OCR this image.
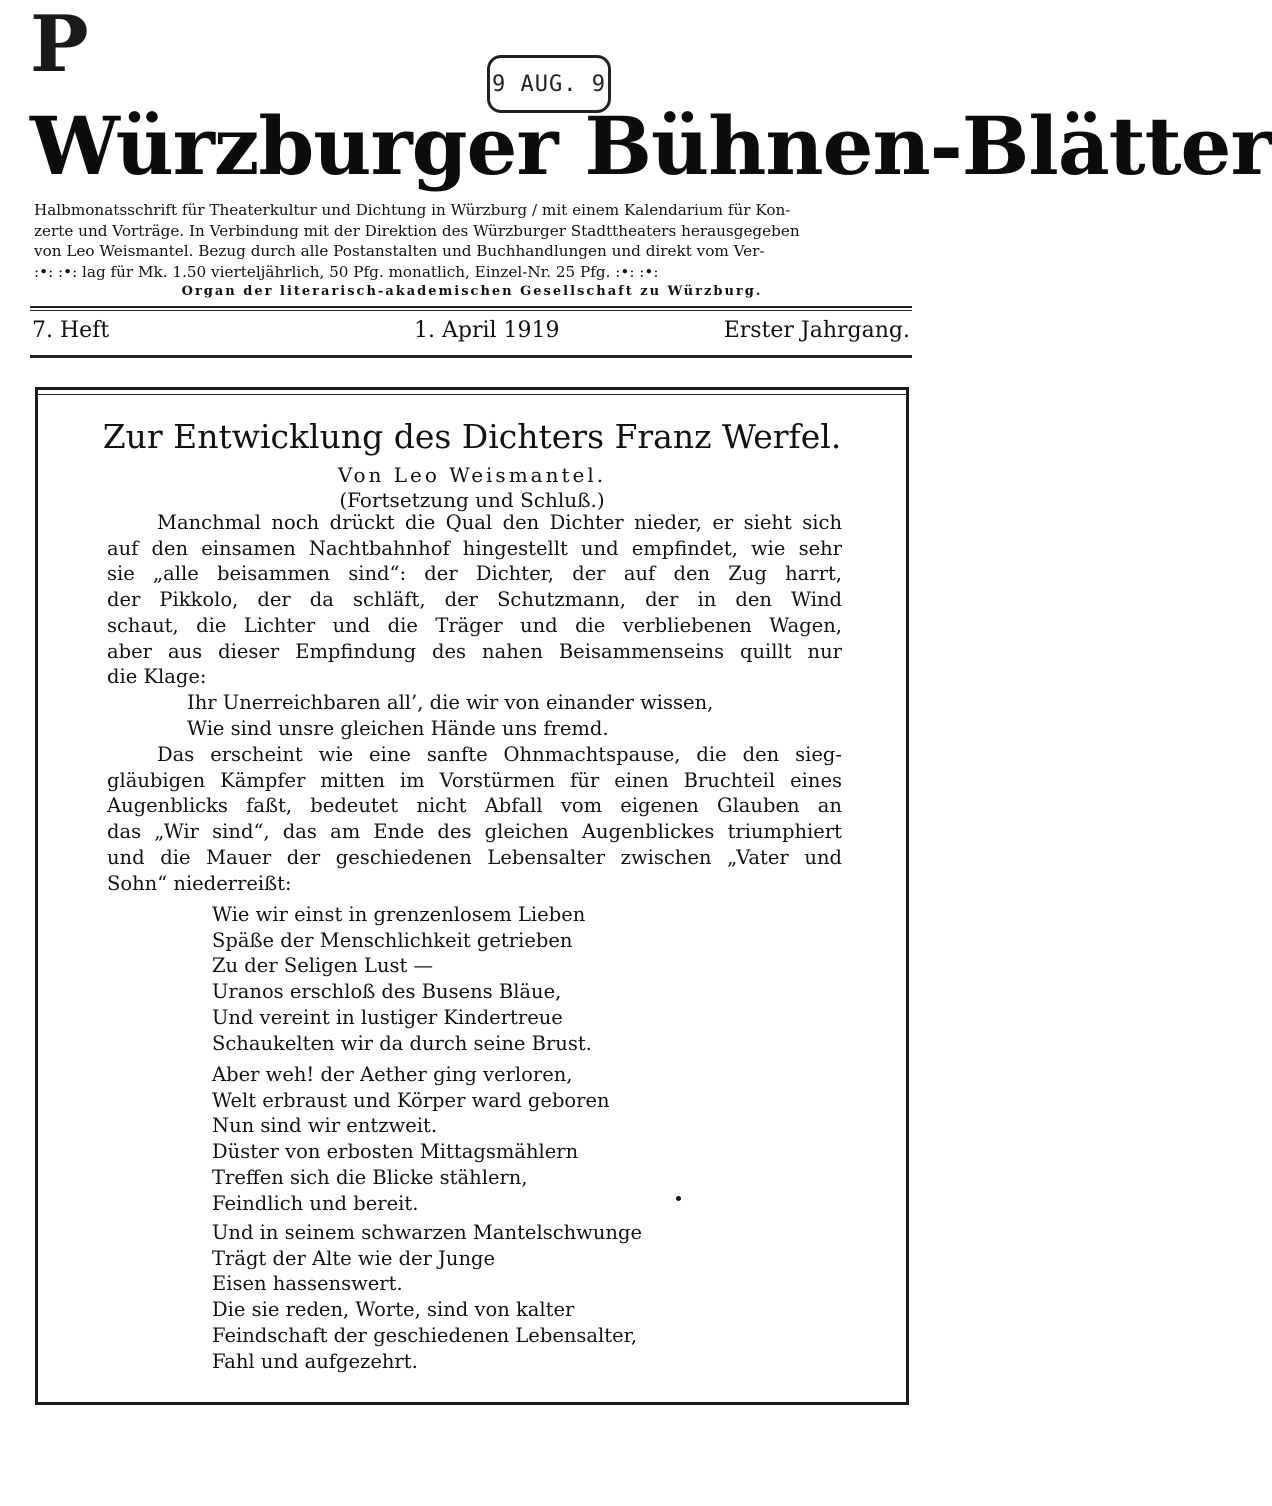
P	9 AUG. 9
Würzburger Bühnen-Blätter
Halbmonatsschrift für Theaterkultur und Dichtung in Würzburg / mit einem Kalendarium für Kon-
zerte und Vorträge. In Verbindung mit der Direktion des Würzburger Stadttheaters herausgegeben
von Leo Weismantel. Bezug durch alle Postanstalten und Buchhandlungen und direkt vom Ver-
:•: :•: lag für Mk. 1.50 vierteljährlich, 50 Pfg. monatlich, Einzel-Nr. 25 Pfg. :•: :•:
Organ der literarisch-akademischen Gesellschaft zu Würzburg.
7. Heft	1. April 1919	Erster Jahrgang.
Zur Entwicklung des Dichters Franz Werfel.
Von Leo Weismantel.
(Fortsetzung und Schluß.)
Manchmal noch drückt die Qual den Dichter nieder, er sieht sich
auf den einsamen Nachtbahnhof hingestellt und empfindet, wie sehr
sie „alle beisammen sind“: der Dichter, der auf den Zug harrt,
der Pikkolo, der da schläft, der Schutzmann, der in den Wind
schaut, die Lichter und die Träger und die verbliebenen Wagen,
aber aus dieser Empfindung des nahen Beisammenseins quillt nur
die Klage:
Ihr Unerreichbaren all’, die wir von einander wissen,
Wie sind unsre gleichen Hände uns fremd.
Das erscheint wie eine sanfte Ohnmachtspause, die den sieg-
gläubigen Kämpfer mitten im Vorstürmen für einen Bruchteil eines
Augenblicks faßt, bedeutet nicht Abfall vom eigenen Glauben an
das „Wir sind“, das am Ende des gleichen Augenblickes triumphiert
und die Mauer der geschiedenen Lebensalter zwischen „Vater und
Sohn“ niederreißt:
Wie wir einst in grenzenlosem Lieben
Späße der Menschlichkeit getrieben
Zu der Seligen Lust —
Uranos erschloß des Busens Bläue,
Und vereint in lustiger Kindertreue
Schaukelten wir da durch seine Brust.
Aber weh! der Aether ging verloren,
Welt erbraust und Körper ward geboren
Nun sind wir entzweit.
Düster von erbosten Mittagsmählern
Treffen sich die Blicke stählern,
Feindlich und bereit.
Und in seinem schwarzen Mantelschwunge
Trägt der Alte wie der Junge
Eisen hassenswert.
Die sie reden, Worte, sind von kalter
Feindschaft der geschiedenen Lebensalter,
Fahl und aufgezehrt.
